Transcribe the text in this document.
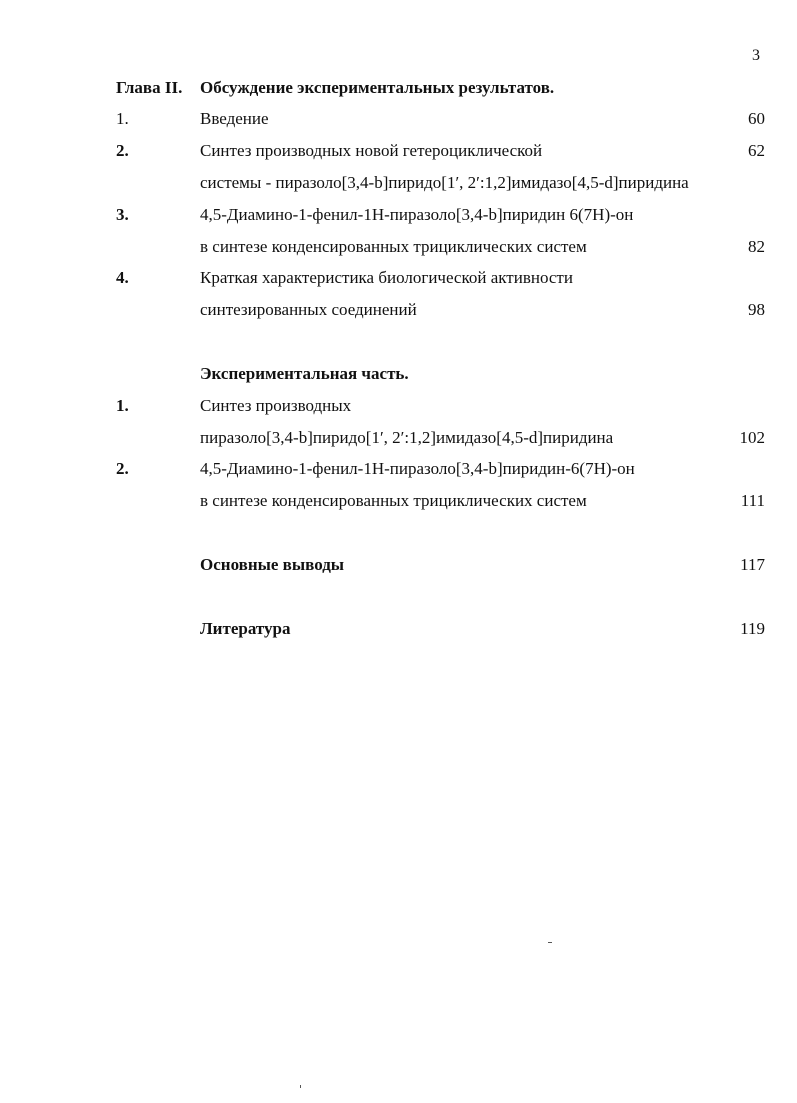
3
Глава II. Обсуждение экспериментальных результатов.
1.	Введение	60
2.	Синтез производных новой гетероциклической	62
системы - пиразоло[3,4-b]пиридо[1′, 2′:1,2]имидазо[4,5-d]пиридина
3.	4,5-Диамино-1-фенил-1H-пиразоло[3,4-b]пиридин 6(7H)-он
в синтезе конденсированных трициклических систем	82
4.	Краткая характеристика биологической активности
синтезированных соединений	98
Экспериментальная часть.
1.	Синтез производных
пиразоло[3,4-b]пиридо[1′, 2′:1,2]имидазо[4,5-d]пиридина	102
2.	4,5-Диамино-1-фенил-1H-пиразоло[3,4-b]пиридин-6(7H)-он
в синтезе конденсированных трициклических систем	111
Основные выводы	117
Литература	119
